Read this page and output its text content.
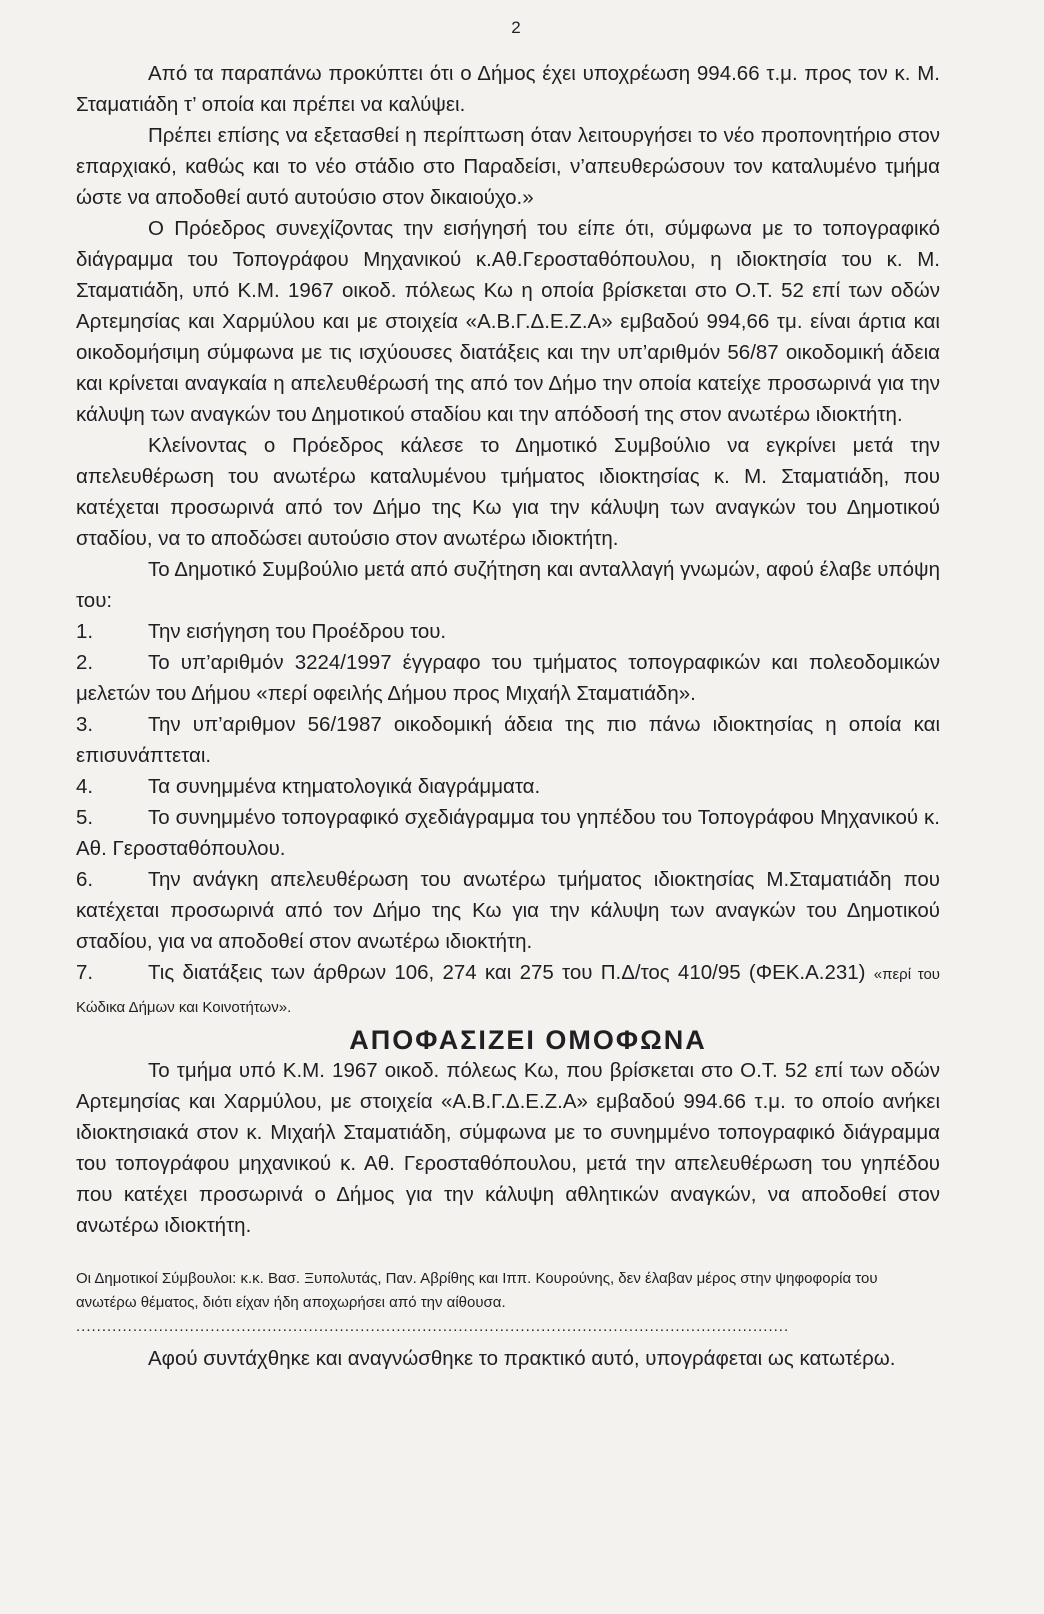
2

Από τα παραπάνω προκύπτει ότι ο Δήμος έχει υποχρέωση 994.66 τ.μ. προς τον κ. Μ. Σταματιάδη τ’ οποία και πρέπει να καλύψει.

Πρέπει επίσης να εξετασθεί η περίπτωση όταν λειτουργήσει το νέο προπονητήριο στον επαρχιακό, καθώς και το νέο στάδιο στο Παραδείσι, ν’απευθερώσουν τον καταλυμένο τμήμα ώστε να αποδοθεί αυτό αυτούσιο στον δικαιούχο.»

Ο Πρόεδρος συνεχίζοντας την εισήγησή του είπε ότι, σύμφωνα με το τοπογραφικό διάγραμμα του Τοπογράφου Μηχανικού κ.Αθ.Γεροσταθόπουλου, η ιδιοκτησία του κ. Μ. Σταματιάδη, υπό Κ.Μ. 1967 οικοδ. πόλεως Κω η οποία βρίσκεται στο Ο.Τ. 52 επί των οδών Αρτεμησίας και Χαρμύλου και με στοιχεία «Α.Β.Γ.Δ.Ε.Ζ.Α» εμβαδού 994,66 τμ. είναι άρτια και οικοδομήσιμη σύμφωνα με τις ισχύουσες διατάξεις και την υπ’αριθμόν 56/87 οικοδομική άδεια και κρίνεται αναγκαία η απελευθέρωσή της από τον Δήμο την οποία κατείχε προσωρινά για την κάλυψη των αναγκών του Δημοτικού σταδίου και την απόδοσή της στον ανωτέρω ιδιοκτήτη.

Κλείνοντας ο Πρόεδρος κάλεσε το Δημοτικό Συμβούλιο να εγκρίνει μετά την απελευθέρωση του ανωτέρω καταλυμένου τμήματος ιδιοκτησίας κ. Μ. Σταματιάδη, που κατέχεται προσωρινά από τον Δήμο της Κω για την κάλυψη των αναγκών του Δημοτικού σταδίου, να το αποδώσει αυτούσιο στον ανωτέρω ιδιοκτήτη.

Το Δημοτικό Συμβούλιο μετά από συζήτηση και ανταλλαγή γνωμών, αφού έλαβε υπόψη του:

1.	Την εισήγηση του Προέδρου του.
2.	Το υπ’αριθμόν 3224/1997 έγγραφο του τμήματος τοπογραφικών και πολεοδομικών μελετών του Δήμου «περί οφειλής Δήμου προς Μιχαήλ Σταματιάδη».
3.	Την υπ’αριθμον 56/1987 οικοδομική άδεια της πιο πάνω ιδιοκτησίας η οποία και επισυνάπτεται.
4.	Τα συνημμένα κτηματολογικά διαγράμματα.
5.	Το συνημμένο τοπογραφικό σχεδιάγραμμα του γηπέδου του Τοπογράφου Μηχανικού κ. Αθ. Γεροσταθόπουλου.
6.	Την ανάγκη απελευθέρωση του ανωτέρω τμήματος ιδιοκτησίας Μ.Σταματιάδη που κατέχεται προσωρινά από τον Δήμο της Κω για την κάλυψη των αναγκών του Δημοτικού σταδίου, για να αποδοθεί στον ανωτέρω ιδιοκτήτη.
7.	Τις διατάξεις των άρθρων 106, 274 και 275 του Π.Δ/τος 410/95 (ΦΕΚ.Α.231) «περί του Κώδικα Δήμων και Κοινοτήτων».
ΑΠΟΦΑΣΙΖΕΙ ΟΜΟΦΩΝΑ

Το τμήμα υπό Κ.Μ. 1967 οικοδ. πόλεως Κω, που βρίσκεται στο Ο.Τ. 52 επί των οδών Αρτεμησίας και Χαρμύλου, με στοιχεία «Α.Β.Γ.Δ.Ε.Ζ.Α» εμβαδού 994.66 τ.μ. το οποίο ανήκει ιδιοκτησιακά στον κ. Μιχαήλ Σταματιάδη, σύμφωνα με το συνημμένο τοπογραφικό διάγραμμα του τοπογράφου μηχανικού κ. Αθ. Γεροσταθόπουλου, μετά την απελευθέρωση του γηπέδου που κατέχει προσωρινά ο Δήμος για την κάλυψη αθλητικών αναγκών, να αποδοθεί στον ανωτέρω ιδιοκτήτη.

Οι Δημοτικοί Σύμβουλοι: κ.κ. Βασ. Ξυπολυτάς, Παν. Αβρίθης και Ιππ. Κουρούνης, δεν έλαβαν μέρος στην ψηφοφορία του ανωτέρω θέματος, διότι είχαν ήδη αποχωρήσει από την αίθουσα.

..........................................................................................................................................

Αφού συντάχθηκε και αναγνώσθηκε το πρακτικό αυτό, υπογράφεται ως κατωτέρω.
